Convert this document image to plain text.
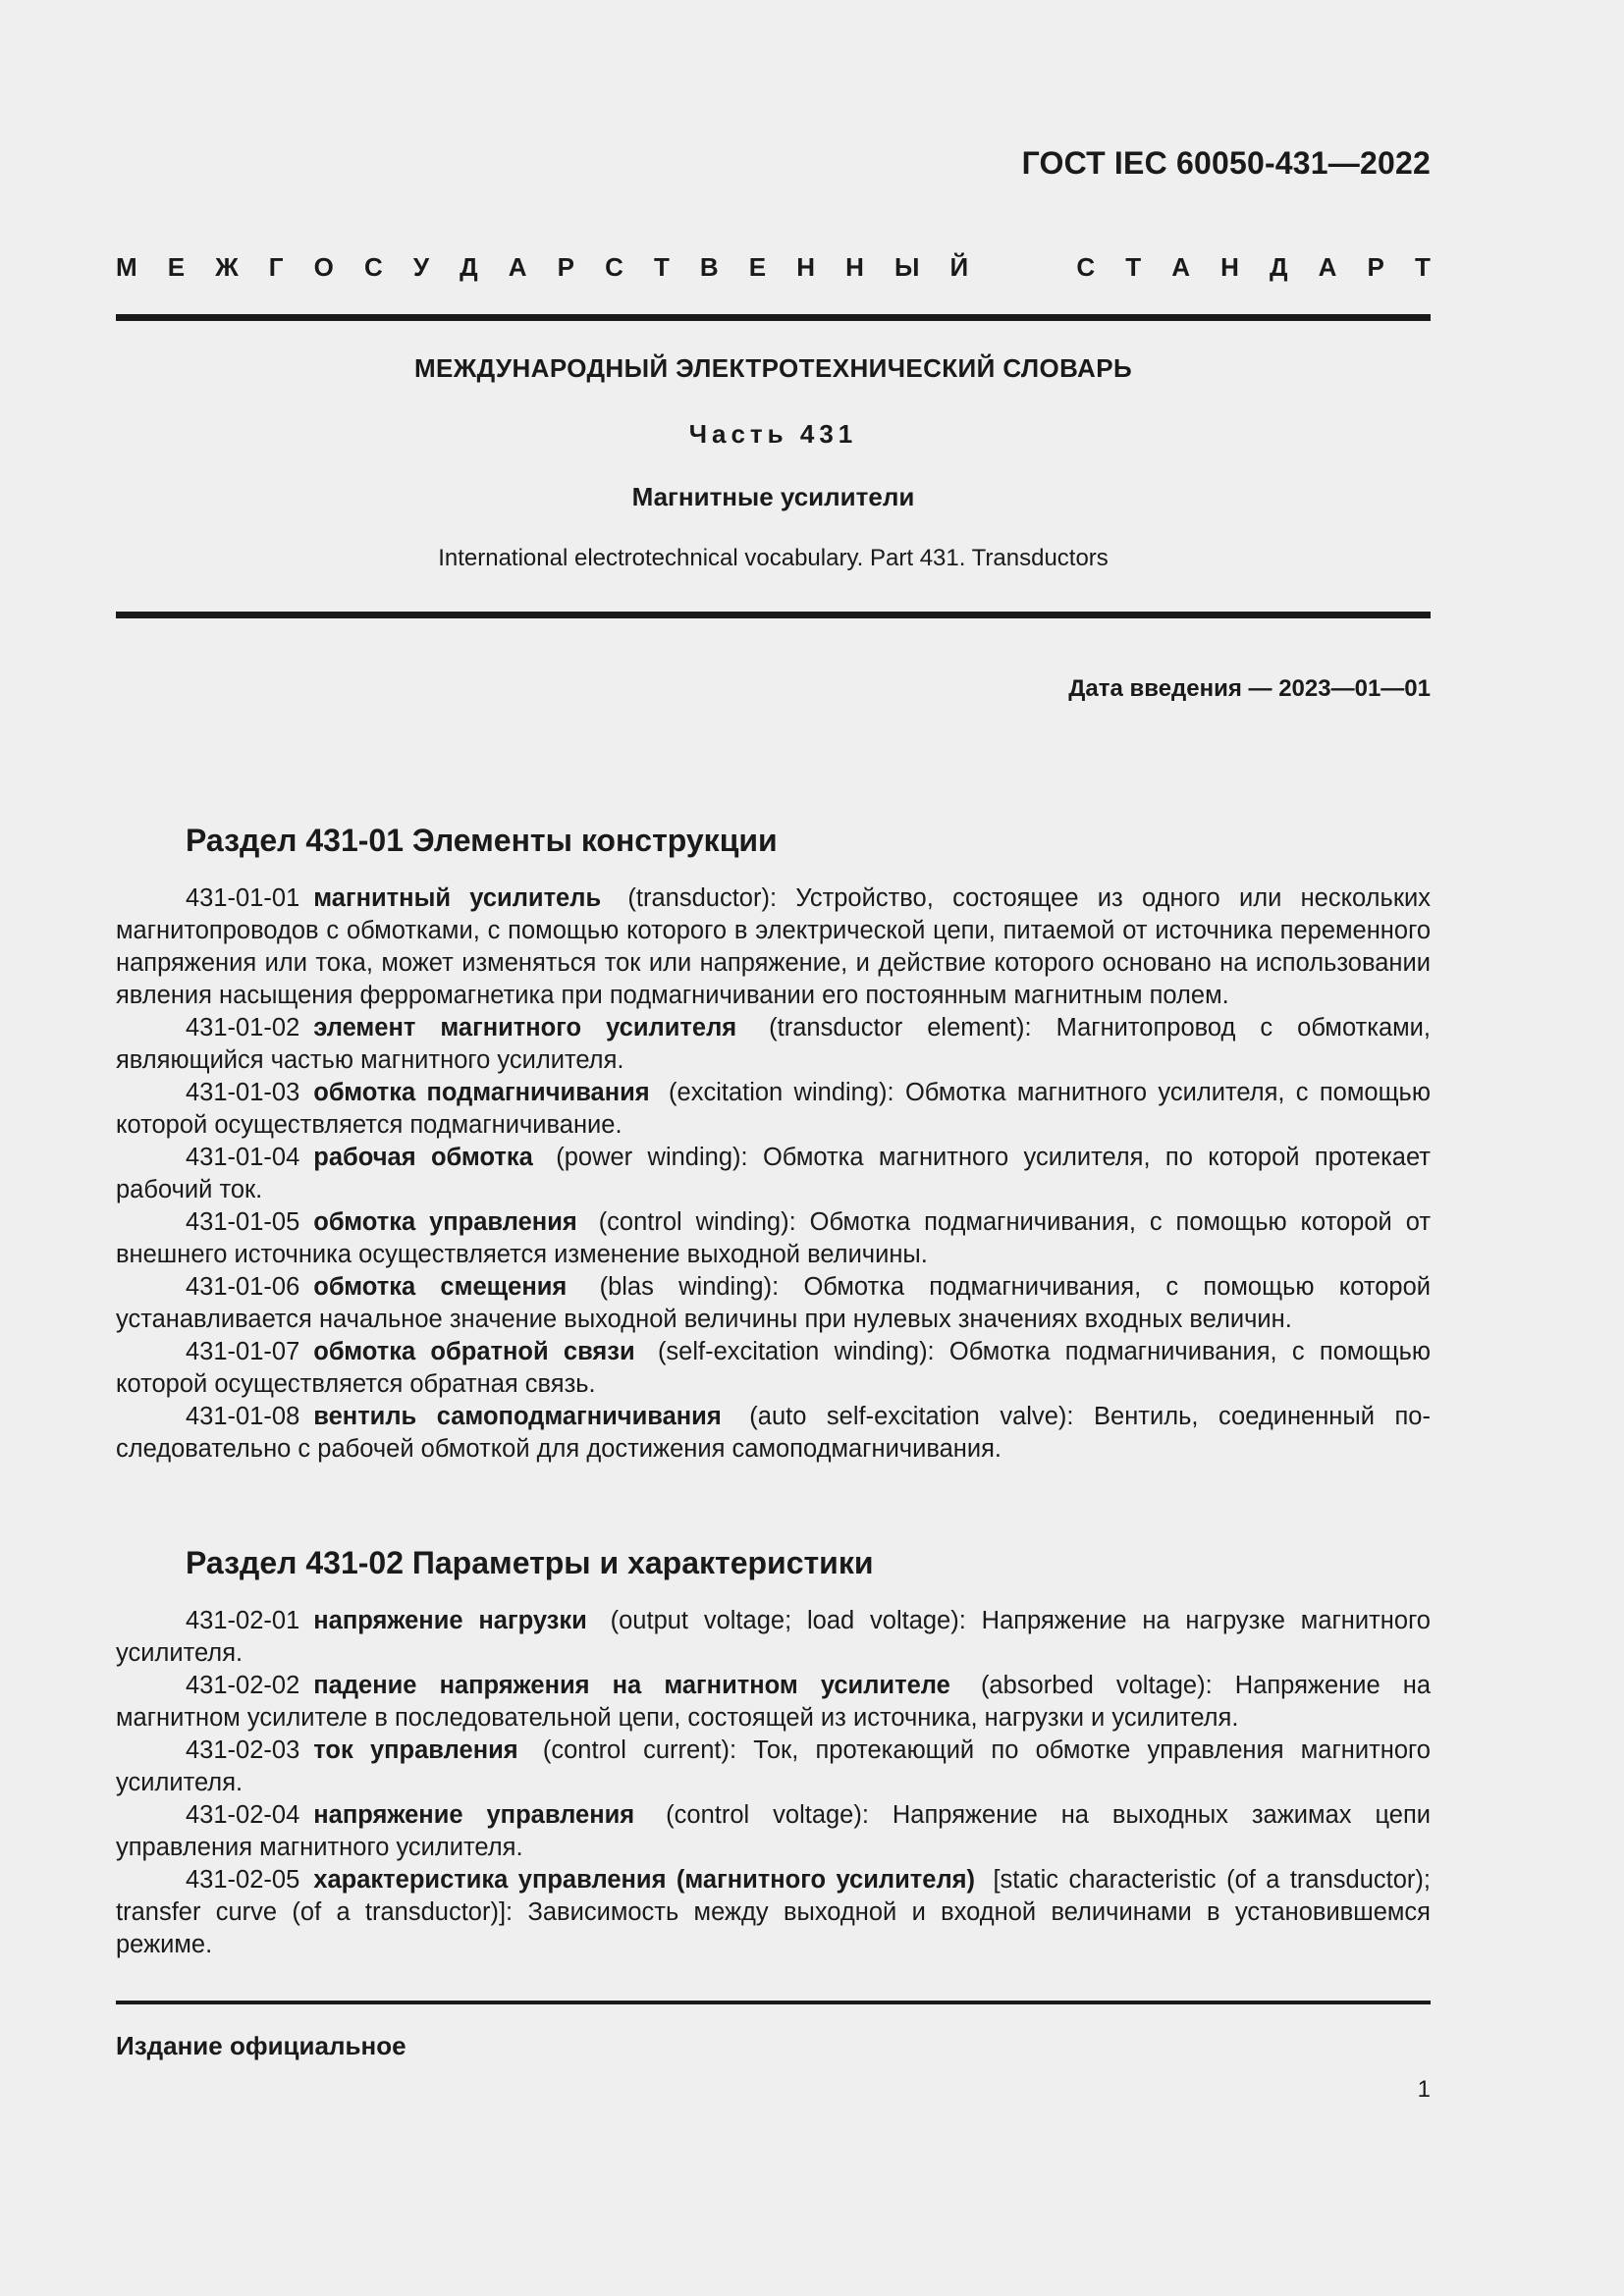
ГОСТ IEC 60050-431—2022
М Е Ж Г О С У Д А Р С Т В Е Н Н Ы Й	С Т А Н Д А Р Т
МЕЖДУНАРОДНЫЙ ЭЛЕКТРОТЕХНИЧЕСКИЙ СЛОВАРЬ
Часть 431
Магнитные усилители
International electrotechnical vocabulary. Part 431. Transductors
Дата введения — 2023—01—01
Раздел 431-01 Элементы конструкции

431-01-01 магнитный усилитель (transductor): Устройство, состоящее из одного или нескольких магнитопроводов с обмотками, с помощью которого в электрической цепи, питаемой от источника переменного напряжения или тока, может изменяться ток или напряжение, и действие которого основано на использовании явления насыщения ферромагнетика при подмагничивании его постоянным магнитным полем.

431-01-02 элемент магнитного усилителя (transductor element): Магнитопровод с обмотками, являющийся частью магнитного усилителя.

431-01-03 обмотка подмагничивания (excitation winding): Обмотка магнитного усилителя, с помощью которой осуществляется подмагничивание.

431-01-04 рабочая обмотка (power winding): Обмотка магнитного усилителя, по которой протекает рабочий ток.

431-01-05 обмотка управления (control winding): Обмотка подмагничивания, с помощью которой от внешнего источника осуществляется изменение выходной величины.

431-01-06 обмотка смещения (blas winding): Обмотка подмагничивания, с помощью которой устанавливается начальное значение выходной величины при нулевых значениях входных величин.

431-01-07 обмотка обратной связи (self-excitation winding): Обмотка подмагничивания, с помощью которой осуществляется обратная связь.

431-01-08 вентиль самоподмагничивания (auto self-excitation valve): Вентиль, соединенный последовательно с рабочей обмоткой для достижения самоподмагничивания.

Раздел 431-02 Параметры и характеристики

431-02-01 напряжение нагрузки (output voltage; load voltage): Напряжение на нагрузке магнитного усилителя.

431-02-02 падение напряжения на магнитном усилителе (absorbed voltage): Напряжение на магнитном усилителе в последовательной цепи, состоящей из источника, нагрузки и усилителя.

431-02-03 ток управления (control current): Ток, протекающий по обмотке управления магнитного усилителя.

431-02-04 напряжение управления (control voltage): Напряжение на выходных зажимах цепи управления магнитного усилителя.

431-02-05 характеристика управления (магнитного усилителя) [static characteristic (of a transductor); transfer curve (of a transductor)]: Зависимость между выходной и входной величинами в установившемся режиме.

Издание официальное
1
